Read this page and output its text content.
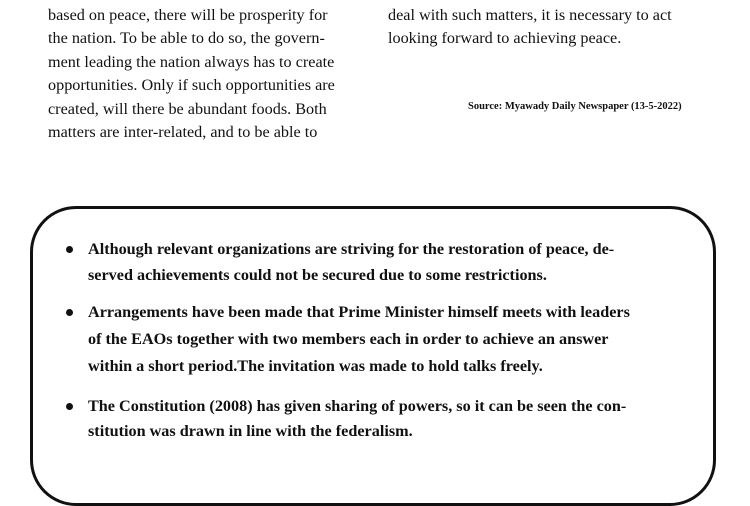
based on peace, there will be prosperity for
the nation. To be able to do so, the govern-
ment leading the nation always has to create
opportunities. Only if such opportunities are
created, will there be abundant foods. Both
matters are inter-related, and to be able to
deal with such matters, it is necessary to act
looking forward to achieving peace.
Source: Myawady Daily Newspaper (13-5-2022)
Although relevant organizations are striving for the restoration of peace, de-
served achievements could not be secured due to some restrictions.
Arrangements have been made that Prime Minister himself meets with leaders
of the EAOs together with two members each in order to achieve an answer
within a short period.The invitation was made to hold talks freely.
The Constitution (2008) has given sharing of powers, so it can be seen the con-
stitution was drawn in line with the federalism.
